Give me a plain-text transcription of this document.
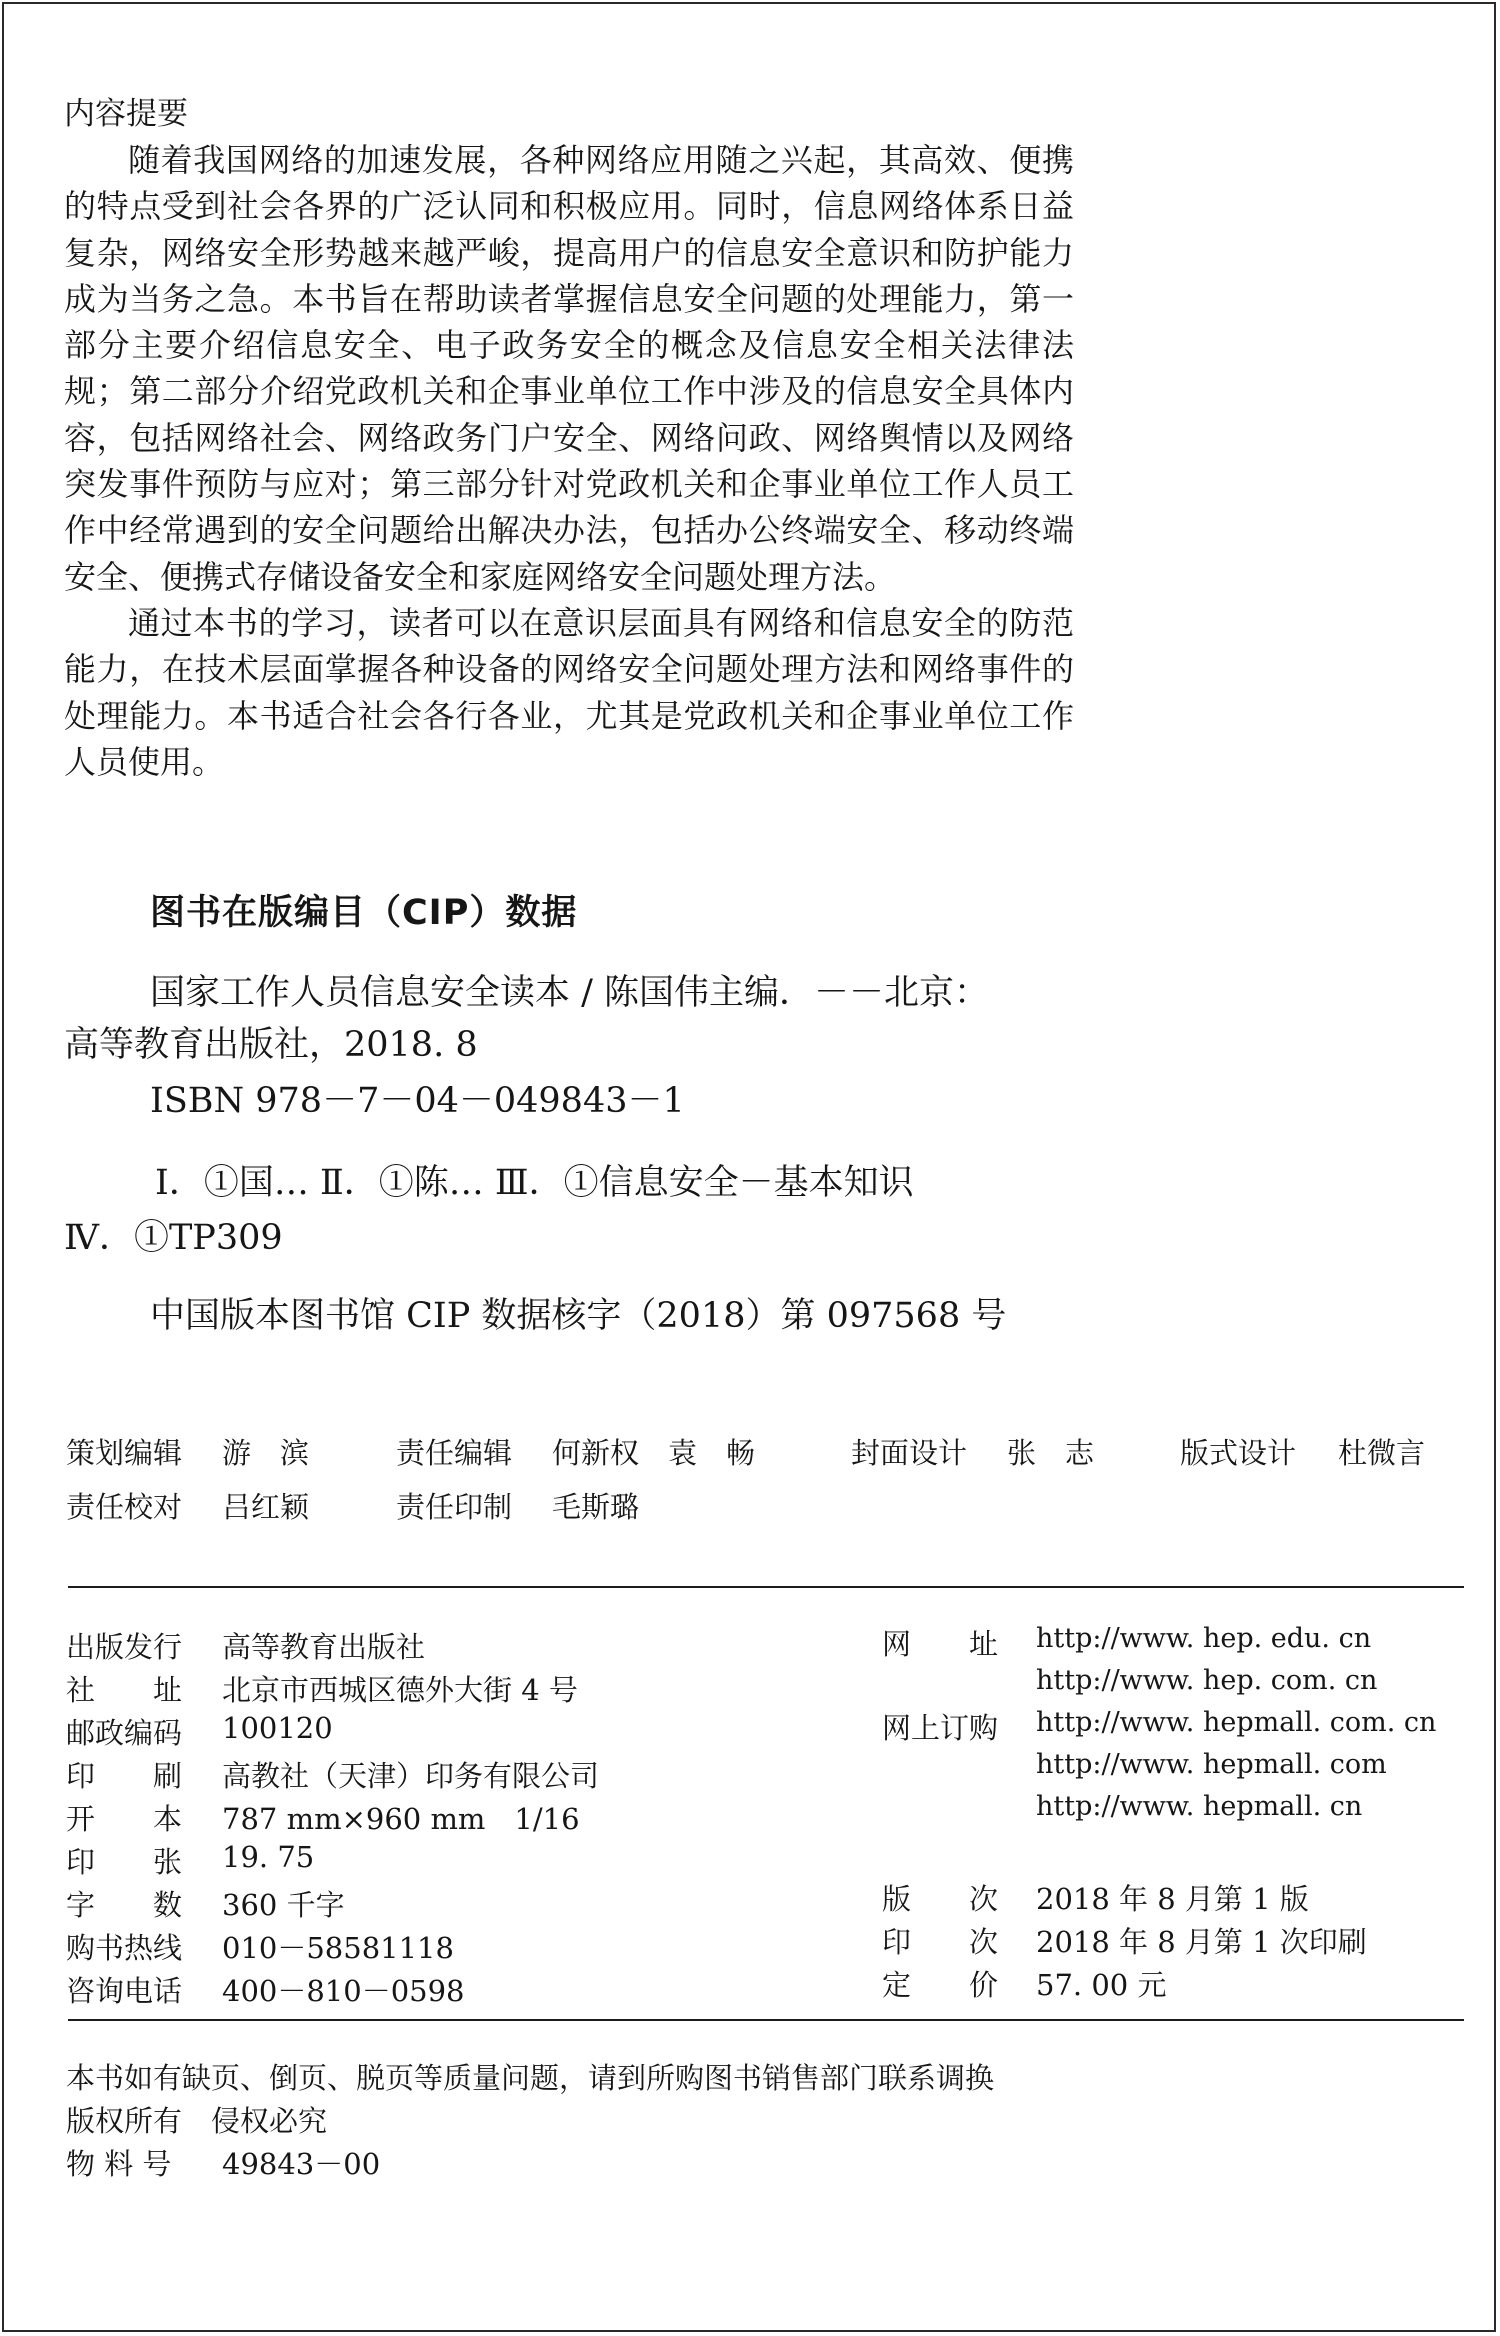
内容提要

随着我国网络的加速发展，各种网络应用随之兴起，其高效、便携的特点受到社会各界的广泛认同和积极应用。同时，信息网络体系日益复杂，网络安全形势越来越严峻，提高用户的信息安全意识和防护能力成为当务之急。本书旨在帮助读者掌握信息安全问题的处理能力，第一部分主要介绍信息安全、电子政务安全的概念及信息安全相关法律法规；第二部分介绍党政机关和企事业单位工作中涉及的信息安全具体内容，包括网络社会、网络政务门户安全、网络问政、网络舆情以及网络突发事件预防与应对；第三部分针对党政机关和企事业单位工作人员工作中经常遇到的安全问题给出解决办法，包括办公终端安全、移动终端安全、便携式存储设备安全和家庭网络安全问题处理方法。

通过本书的学习，读者可以在意识层面具有网络和信息安全的防范能力，在技术层面掌握各种设备的网络安全问题处理方法和网络事件的处理能力。本书适合社会各行各业，尤其是党政机关和企事业单位工作人员使用。

图书在版编目（CIP）数据
国家工作人员信息安全读本 / 陈国伟主编．－－北京：
高等教育出版社，2018. 8
ISBN 978－7－04－049843－1
Ⅰ．①国… Ⅱ．①陈… Ⅲ．①信息安全－基本知识
Ⅳ．①TP309
中国版本图书馆 CIP 数据核字（2018）第 097568 号
策划编辑 游　滨	责任编辑 何新权　袁　畅	封面设计 张　志	版式设计 杜微言
责任校对 吕红颖	责任印制 毛斯璐
出版发行 高等教育出版社
社　　址 北京市西城区德外大街 4 号
邮政编码 100120
印　　刷 高教社（天津）印务有限公司
开　　本 787 mm×960 mm　1/16
印　　张 19. 75
字　　数 360 千字
购书热线 010－58581118
咨询电话 400－810－0598
网　　址 http://www. hep. edu. cn
http://www. hep. com. cn
网上订购 http://www. hepmall. com. cn
http://www. hepmall. com
http://www. hepmall. cn
版　　次 2018 年 8 月第 1 版
印　　次 2018 年 8 月第 1 次印刷
定　　价 57. 00 元
本书如有缺页、倒页、脱页等质量问题，请到所购图书销售部门联系调换
版权所有　侵权必究
物 料 号 49843－00
